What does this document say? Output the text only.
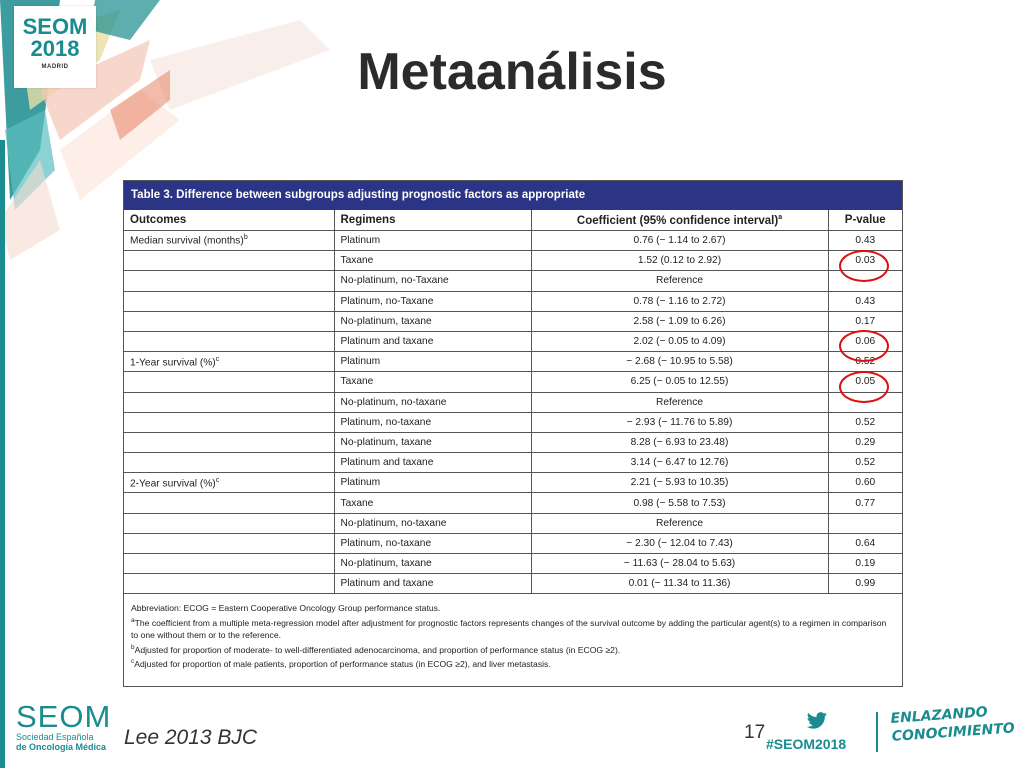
SEOM
2018
MADRID	Metaanálisis
Table 3. Difference between subgroups adjusting prognostic factors as appropriate
Outcomes	Regimens	Coefficient (95% confidence interval)$^a$	P-value
Median survival (months)$^b$	Platinum	0.76 (− 1.14 to 2.67)	0.43
	Taxane	1.52 (0.12 to 2.92)	0.03
	No-platinum, no-Taxane	Reference	
	Platinum, no-Taxane	0.78 (− 1.16 to 2.72)	0.43
	No-platinum, taxane	2.58 (− 1.09 to 6.26)	0.17
	Platinum and taxane	2.02 (− 0.05 to 4.09)	0.06
1-Year survival (%)$^c$	Platinum	− 2.68 (− 10.95 to 5.58)	0.52
	Taxane	6.25 (− 0.05 to 12.55)	0.05
	No-platinum, no-taxane	Reference	
	Platinum, no-taxane	− 2.93 (− 11.76 to 5.89)	0.52
	No-platinum, taxane	8.28 (− 6.93 to 23.48)	0.29
	Platinum and taxane	3.14 (− 6.47 to 12.76)	0.52
2-Year survival (%)$^c$	Platinum	2.21 (− 5.93 to 10.35)	0.60
	Taxane	0.98 (− 5.58 to 7.53)	0.77
	No-platinum, no-taxane	Reference	
	Platinum, no-taxane	− 2.30 (− 12.04 to 7.43)	0.64
	No-platinum, taxane	− 11.63 (− 28.04 to 5.63)	0.19
	Platinum and taxane	0.01 (− 11.34 to 11.36)	0.99
Abbreviation: ECOG = Eastern Cooperative Oncology Group performance status.
$^a$The coefficient from a multiple meta-regression model after adjustment for prognostic factors represents changes of the survival outcome by adding the particular agent(s) to a regimen in comparison to one without them or to the reference.
$^b$Adjusted for proportion of moderate- to well-differentiated adenocarcinoma, and proportion of performance status (in ECOG ≥2).
$^c$Adjusted for proportion of male patients, proportion of performance status (in ECOG ≥2), and liver metastasis.
SEOM
Sociedad Española
de Oncología Médica Lee 2013 BJC	17
#SEOM2018
ENLAZANDO
CONOCIMIENTO
